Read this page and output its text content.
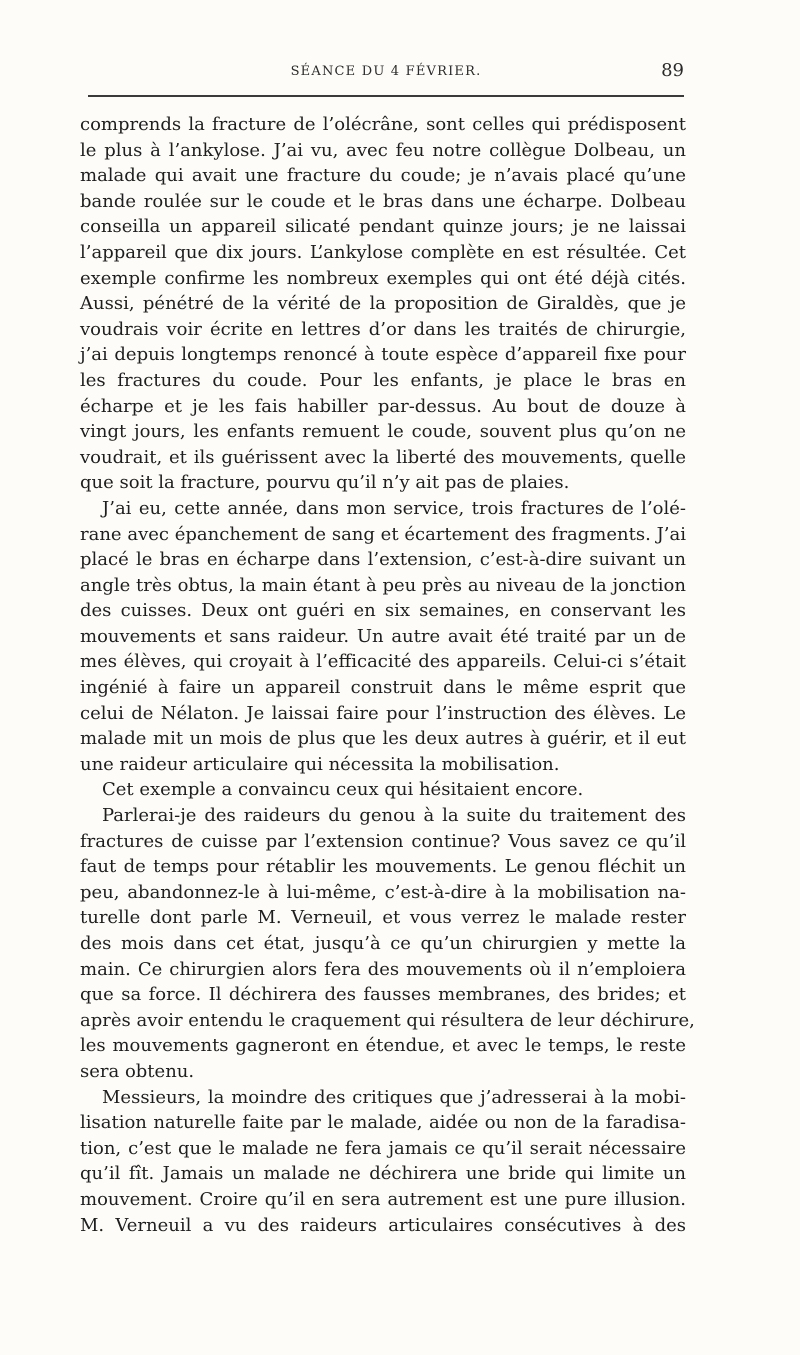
SÉANCE DU 4 FÉVRIER.	89
comprends la fracture de l’olécrâne, sont celles qui prédisposent
le plus à l’ankylose. J’ai vu, avec feu notre collègue Dolbeau, un
malade qui avait une fracture du coude; je n’avais placé qu’une
bande roulée sur le coude et le bras dans une écharpe. Dolbeau
conseilla un appareil silicaté pendant quinze jours; je ne laissai
l’appareil que dix jours. L’ankylose complète en est résultée. Cet
exemple confirme les nombreux exemples qui ont été déjà cités.
Aussi, pénétré de la vérité de la proposition de Giraldès, que je
voudrais voir écrite en lettres d’or dans les traités de chirurgie,
j’ai depuis longtemps renoncé à toute espèce d’appareil fixe pour
les fractures du coude. Pour les enfants, je place le bras en
écharpe et je les fais habiller par-dessus. Au bout de douze à
vingt jours, les enfants remuent le coude, souvent plus qu’on ne
voudrait, et ils guérissent avec la liberté des mouvements, quelle
que soit la fracture, pourvu qu’il n’y ait pas de plaies.
J’ai eu, cette année, dans mon service, trois fractures de l’olé-
rane avec épanchement de sang et écartement des fragments. J’ai
placé le bras en écharpe dans l’extension, c’est-à-dire suivant un
angle très obtus, la main étant à peu près au niveau de la jonction
des cuisses. Deux ont guéri en six semaines, en conservant les
mouvements et sans raideur. Un autre avait été traité par un de
mes élèves, qui croyait à l’efficacité des appareils. Celui-ci s’était
ingénié à faire un appareil construit dans le même esprit que
celui de Nélaton. Je laissai faire pour l’instruction des élèves. Le
malade mit un mois de plus que les deux autres à guérir, et il eut
une raideur articulaire qui nécessita la mobilisation.
Cet exemple a convaincu ceux qui hésitaient encore.
Parlerai-je des raideurs du genou à la suite du traitement des
fractures de cuisse par l’extension continue? Vous savez ce qu’il
faut de temps pour rétablir les mouvements. Le genou fléchit un
peu, abandonnez-le à lui-même, c’est-à-dire à la mobilisation na-
turelle dont parle M. Verneuil, et vous verrez le malade rester
des mois dans cet état, jusqu’à ce qu’un chirurgien y mette la
main. Ce chirurgien alors fera des mouvements où il n’emploiera
que sa force. Il déchirera des fausses membranes, des brides; et
après avoir entendu le craquement qui résultera de leur déchirure,
les mouvements gagneront en étendue, et avec le temps, le reste
sera obtenu.
Messieurs, la moindre des critiques que j’adresserai à la mobi-
lisation naturelle faite par le malade, aidée ou non de la faradisa-
tion, c’est que le malade ne fera jamais ce qu’il serait nécessaire
qu’il fît. Jamais un malade ne déchirera une bride qui limite un
mouvement. Croire qu’il en sera autrement est une pure illusion.
M. Verneuil a vu des raideurs articulaires consécutives à des
